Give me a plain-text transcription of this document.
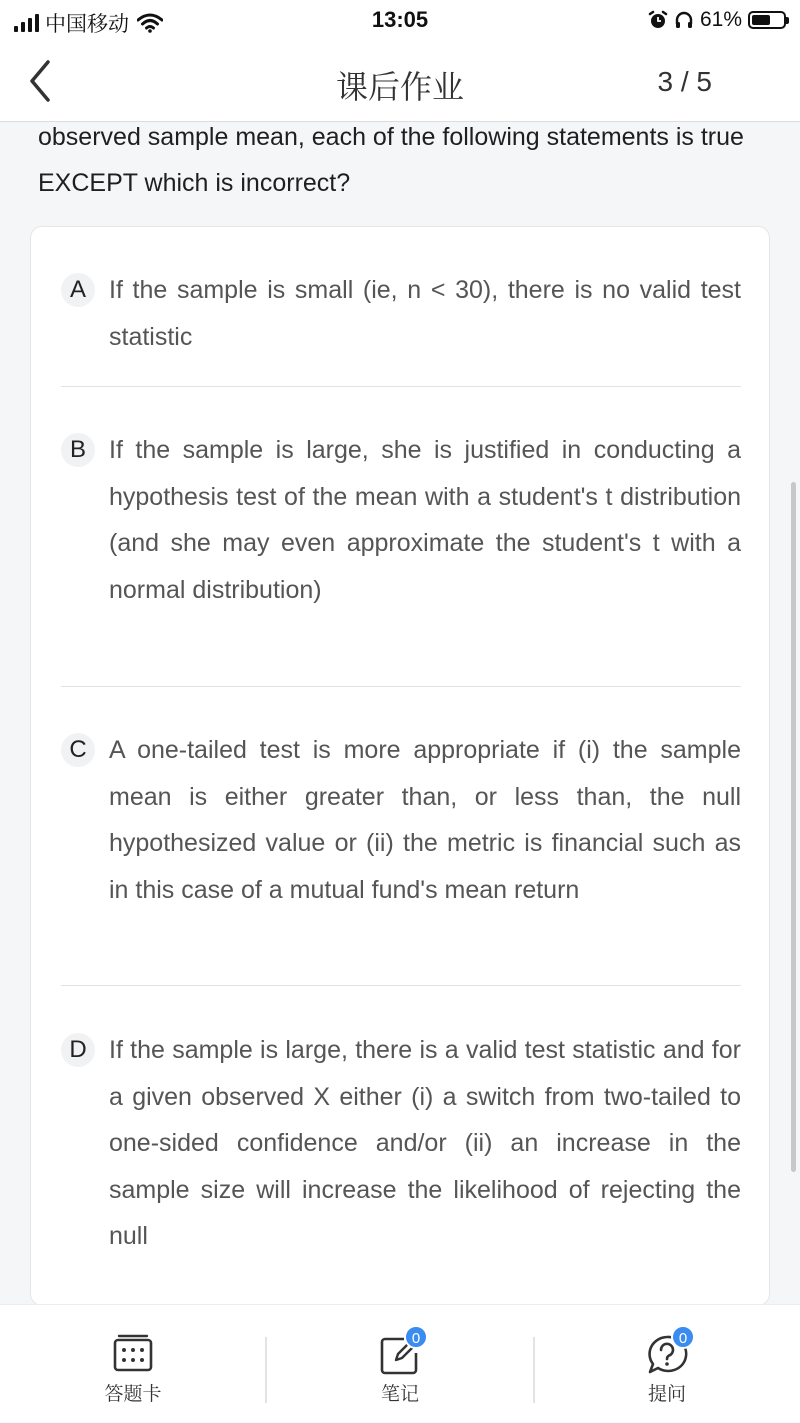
中国移动	13:05	61%
课后作业	3 / 5
observed sample mean, each of the following statements is true EXCEPT which is incorrect?
A If the sample is small (ie, n < 30), there is no valid test statistic
B If the sample is large, she is justified in conducting a hypothesis test of the mean with a student's t distribution (and she may even approximate the student's t with a normal distribution)
C A one-tailed test is more appropriate if (i) the sample mean is either greater than, or less than, the null hypothesized value or (ii) the metric is financial such as in this case of a mutual fund's mean return
D If the sample is large, there is a valid test statistic and for a given observed X either (i) a switch from two-tailed to one-sided confidence and/or (ii) an increase in the sample size will increase the likelihood of rejecting the null
答题卡
0
笔记
0
提问
